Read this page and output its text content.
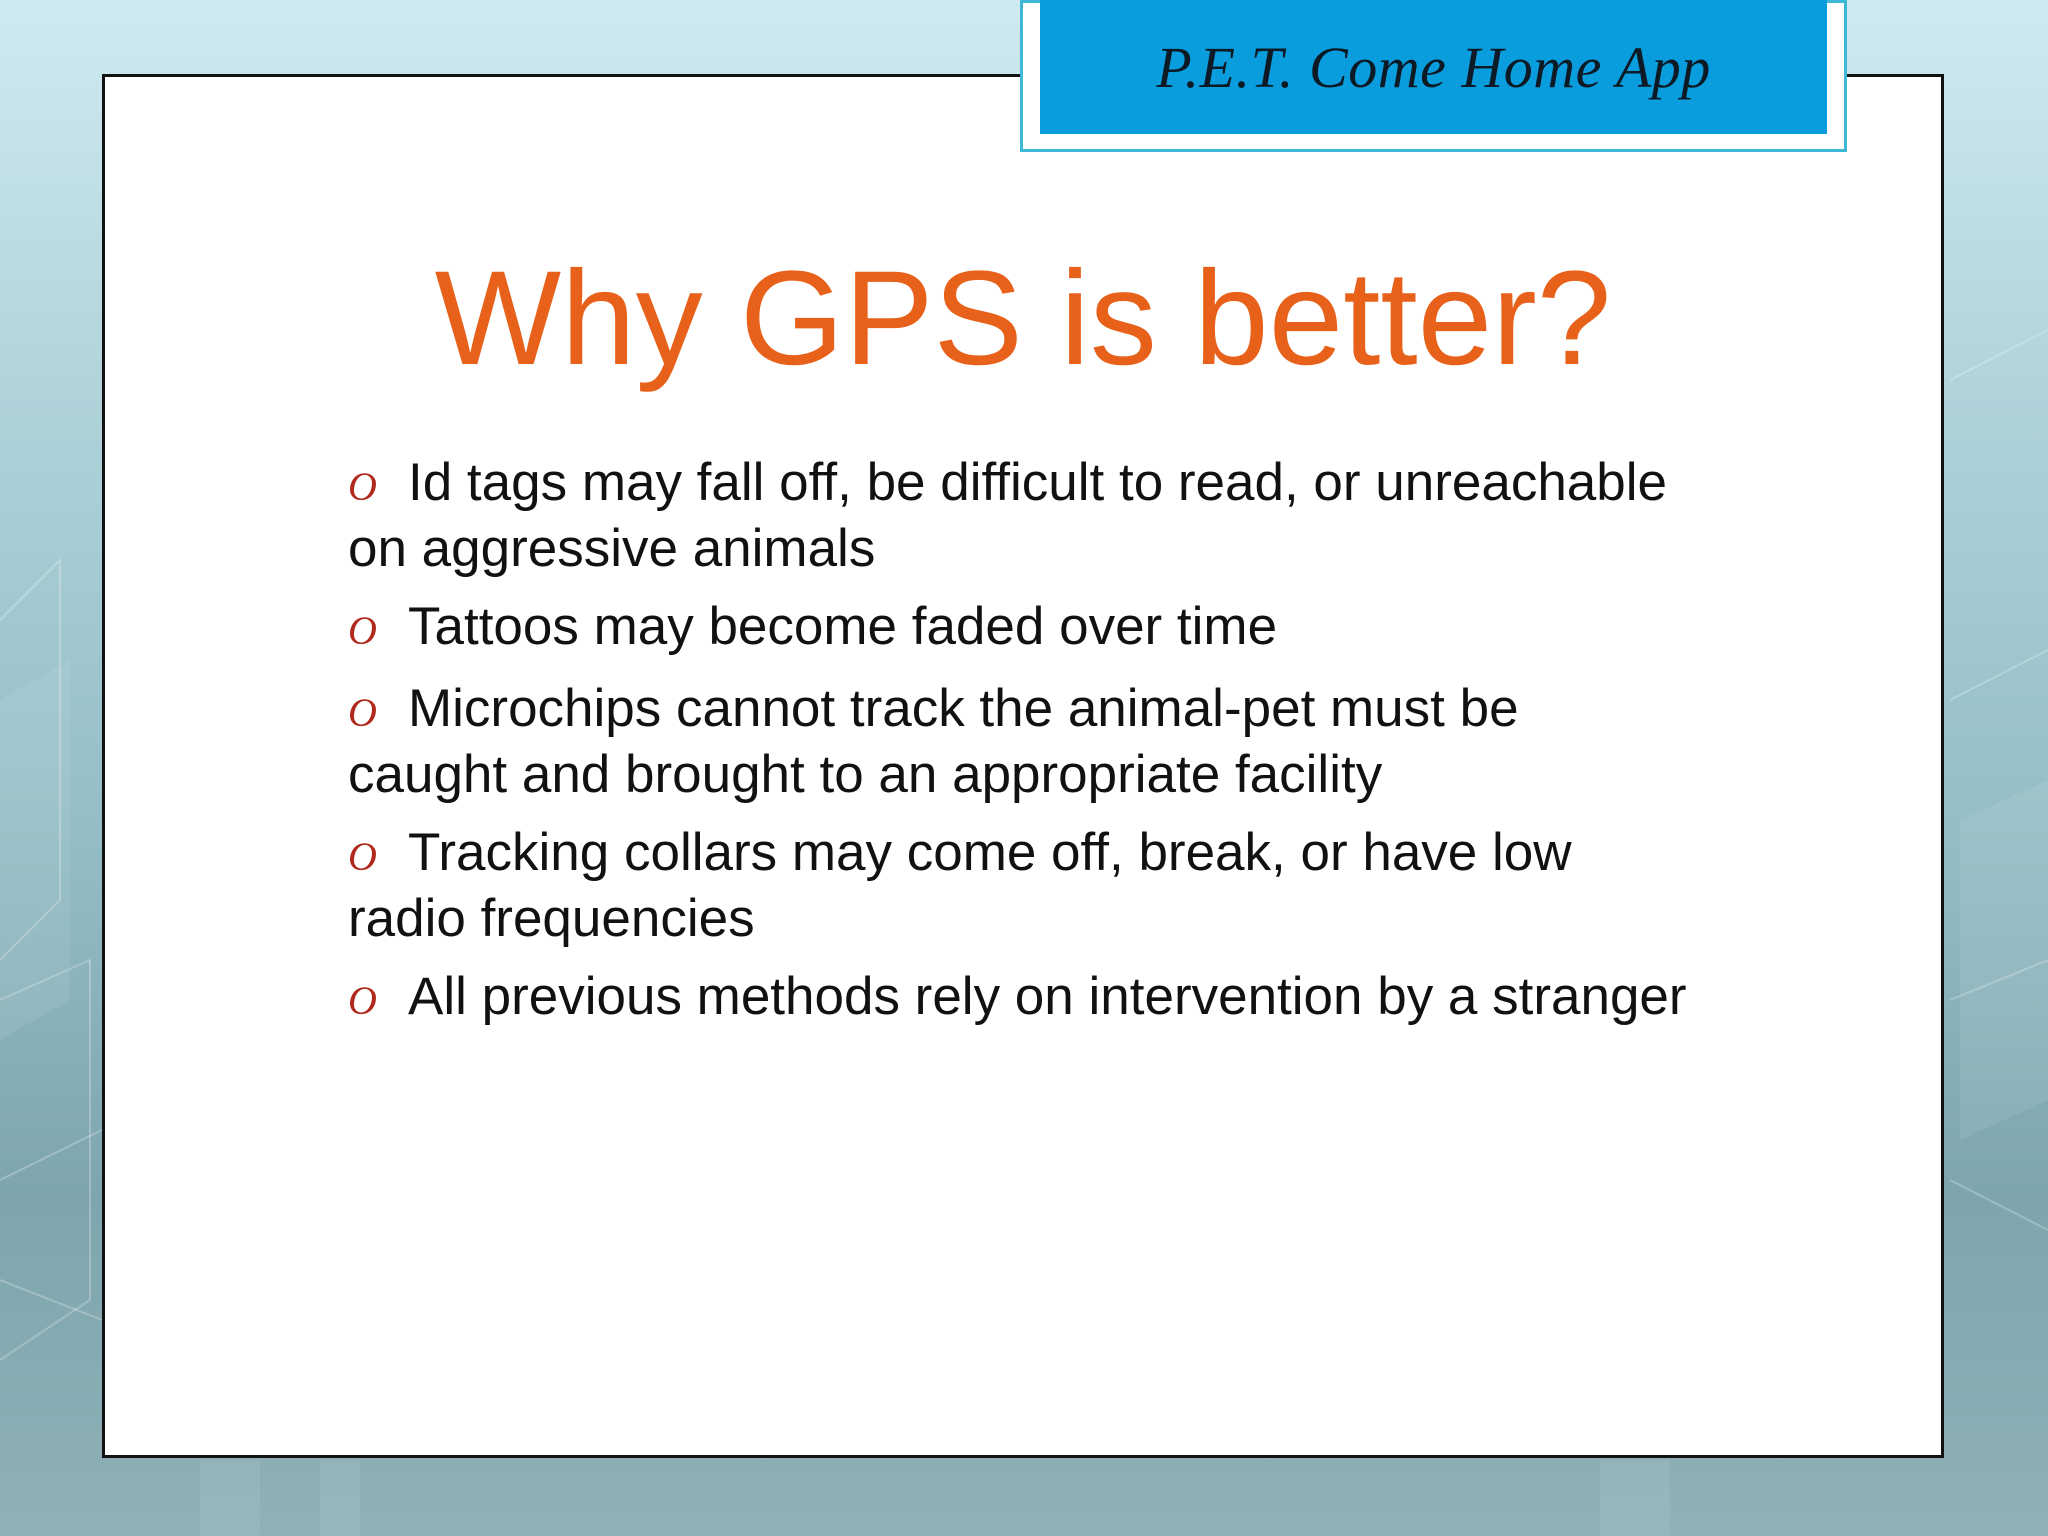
P.E.T. Come Home App
Why GPS is better?
O Id tags may fall off, be difficult to read, or unreachable on aggressive animals
O Tattoos may become faded over time
O Microchips cannot track the animal-pet must be caught and brought to an appropriate facility
O Tracking collars may come off, break, or have low radio frequencies
O All previous methods rely on intervention by a stranger
